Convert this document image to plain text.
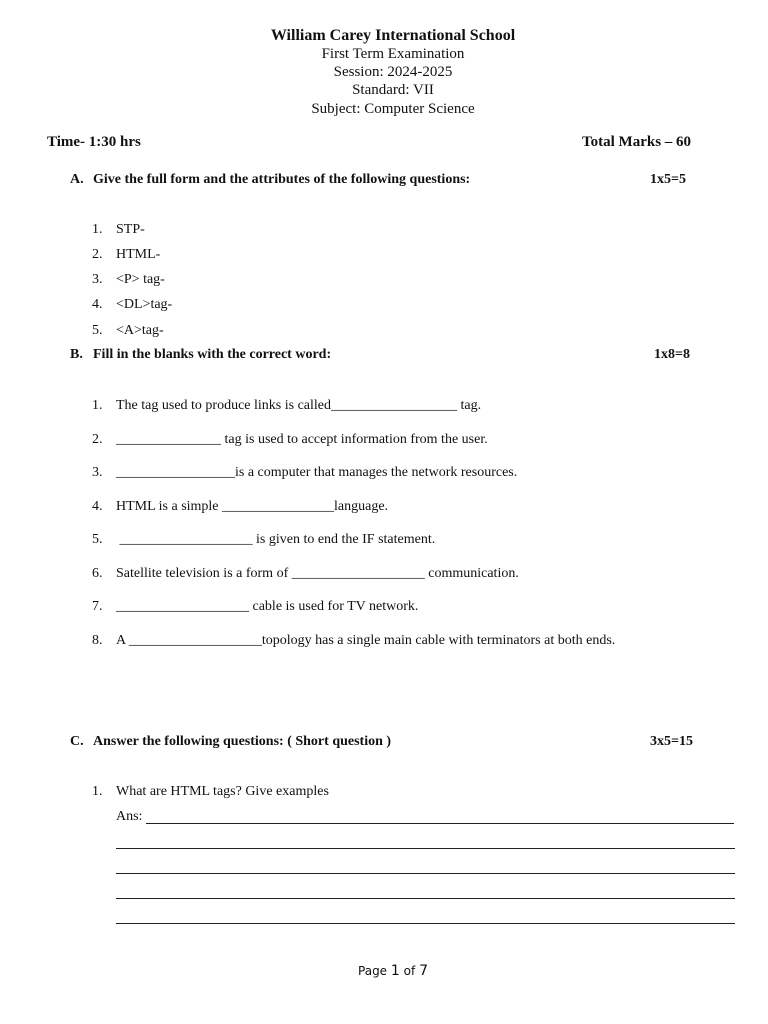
William Carey International School
First Term Examination
Session: 2024-2025
Standard: VII
Subject: Computer Science
Time- 1:30 hrs	Total Marks – 60
A. Give the full form and the attributes of the following questions:	1x5=5
1. STP-
2. HTML-
3. <P> tag-
4. <DL>tag-
5. <A>tag-
B. Fill in the blanks with the correct word:	1x8=8
1. The tag used to produce links is called__________________ tag.
2. _______________ tag is used to accept information from the user.
3. _________________is a computer that manages the network resources.
4. HTML is a simple ________________language.
5. ___________________ is given to end the IF statement.
6. Satellite television is a form of ___________________ communication.
7. ___________________ cable is used for TV network.
8. A ___________________topology has a single main cable with terminators at both ends.
C. Answer the following questions: ( Short question )	3x5=15
1. What are HTML tags? Give examples
Ans:
Page 1 of 7
